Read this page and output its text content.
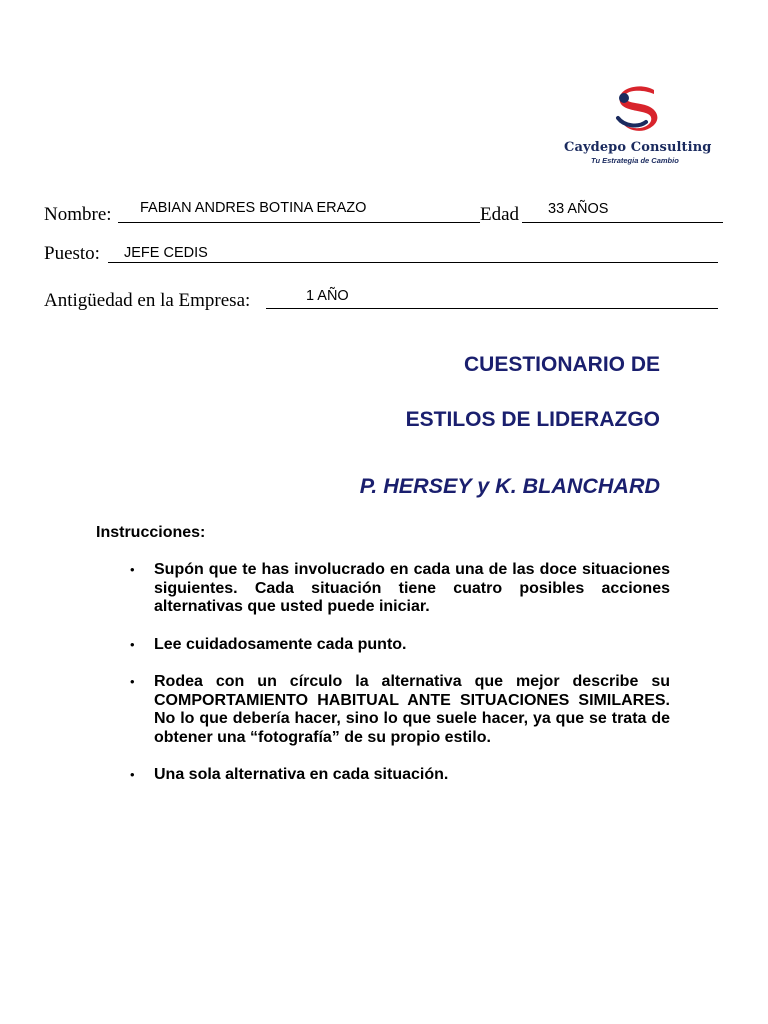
Caydepo Consulting
Tu Estrategia de Cambio
Nombre: FABIAN ANDRES BOTINA ERAZO	Edad 33 AÑOS
Puesto: JEFE CEDIS
Antigüedad en la Empresa:	1 AÑO
CUESTIONARIO DE
ESTILOS DE LIDERAZGO
P. HERSEY y K. BLANCHARD
Instrucciones:
• Supón que te has involucrado en cada una de las doce situaciones siguientes. Cada situación tiene cuatro posibles acciones alternativas que usted puede iniciar.
• Lee cuidadosamente cada punto.
• Rodea con un círculo la alternativa que mejor describe su COMPORTAMIENTO HABITUAL ANTE SITUACIONES SIMILARES. No lo que debería hacer, sino lo que suele hacer, ya que se trata de obtener una “fotografía” de su propio estilo.
• Una sola alternativa en cada situación.
